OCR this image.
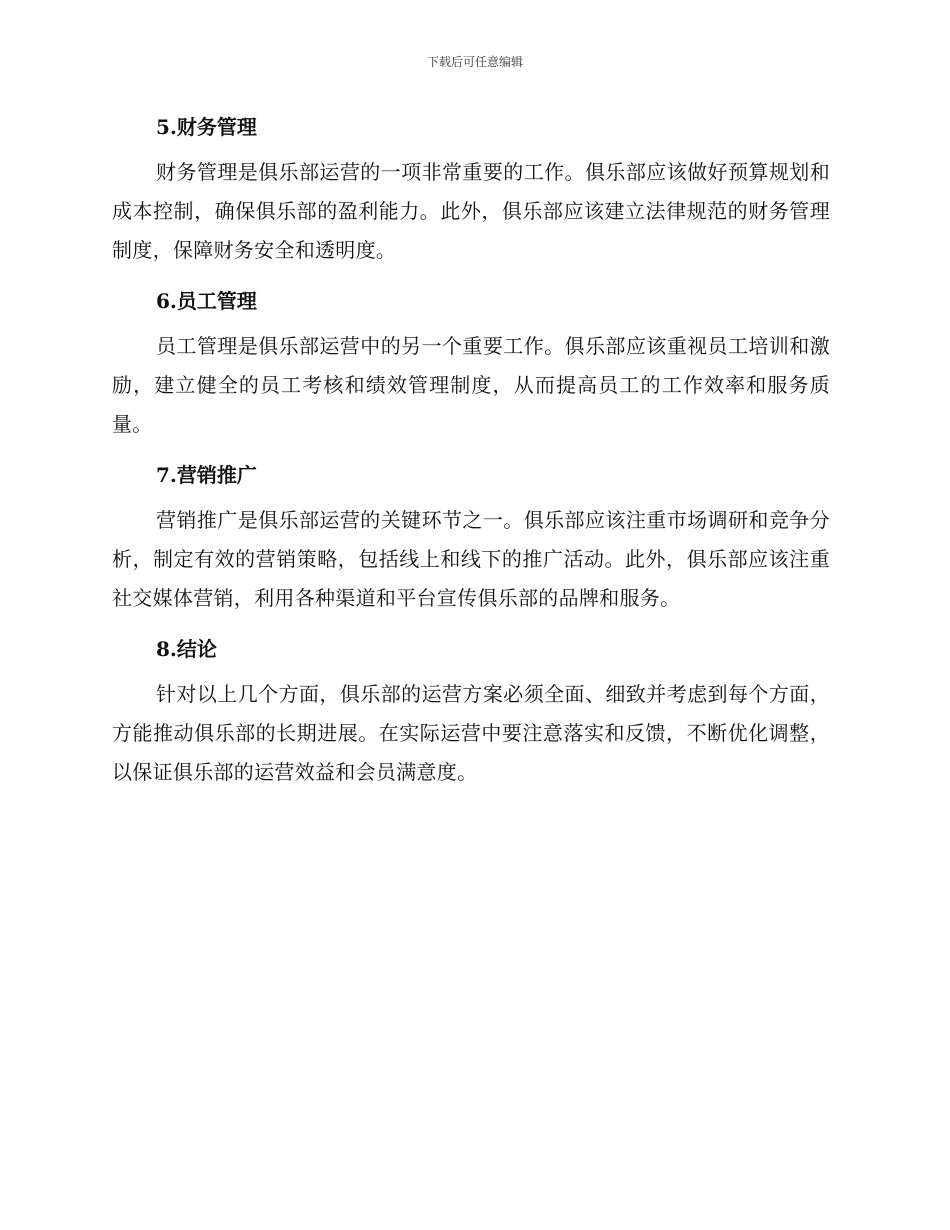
下载后可任意编辑
5.财务管理

财务管理是俱乐部运营的一项非常重要的工作。俱乐部应该做好预算规划和成本控制，确保俱乐部的盈利能力。此外，俱乐部应该建立法律规范的财务管理制度，保障财务安全和透明度。

6.员工管理

员工管理是俱乐部运营中的另一个重要工作。俱乐部应该重视员工培训和激励，建立健全的员工考核和绩效管理制度，从而提高员工的工作效率和服务质量。

7.营销推广

营销推广是俱乐部运营的关键环节之一。俱乐部应该注重市场调研和竞争分析，制定有效的营销策略，包括线上和线下的推广活动。此外，俱乐部应该注重社交媒体营销，利用各种渠道和平台宣传俱乐部的品牌和服务。

8.结论

针对以上几个方面，俱乐部的运营方案必须全面、细致并考虑到每个方面，方能推动俱乐部的长期进展。在实际运营中要注意落实和反馈，不断优化调整，以保证俱乐部的运营效益和会员满意度。
